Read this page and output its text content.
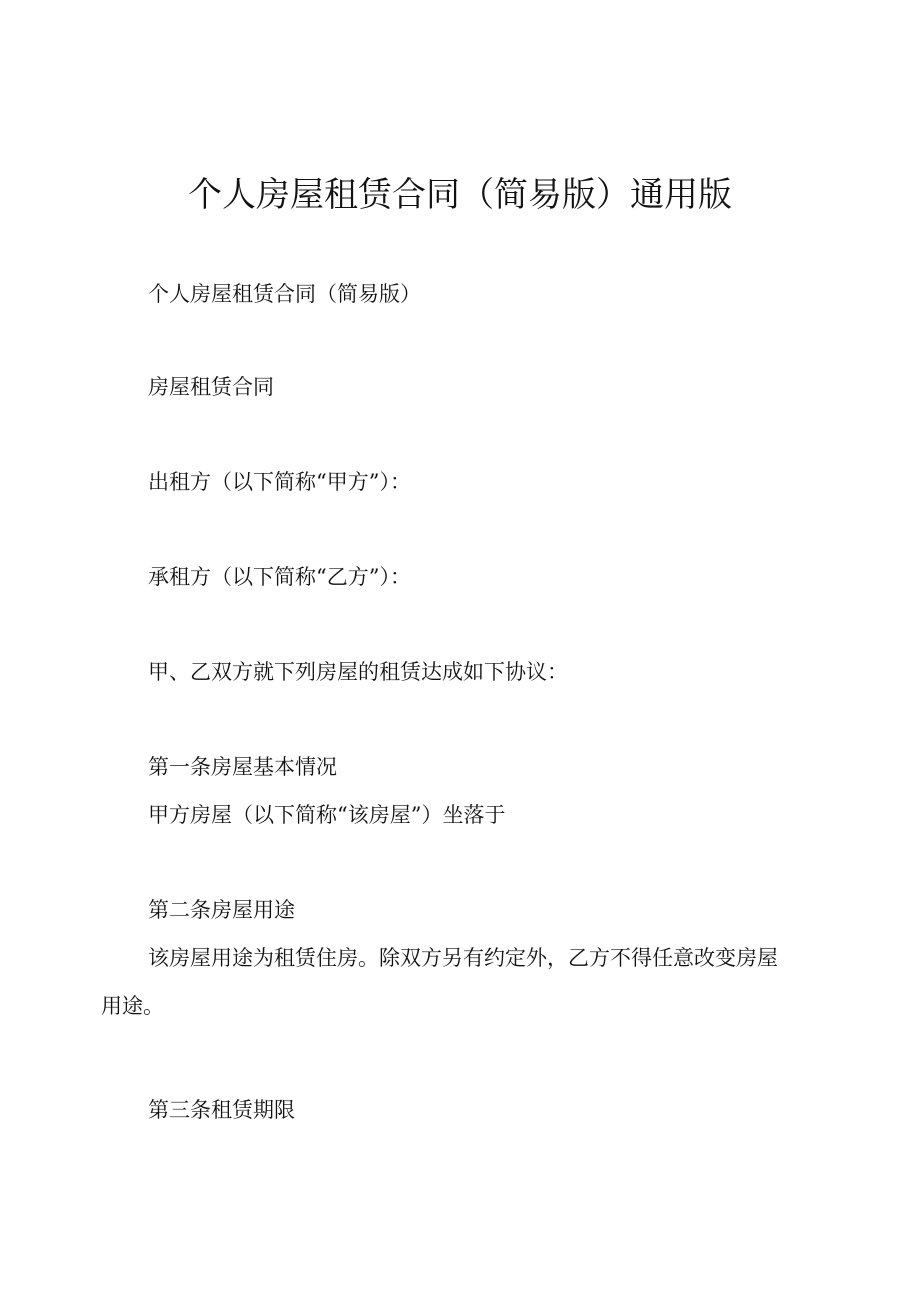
个人房屋租赁合同（简易版）通用版
个人房屋租赁合同（简易版）
房屋租赁合同
出租方（以下简称“甲方”）：
承租方（以下简称“乙方”）：
甲、乙双方就下列房屋的租赁达成如下协议：
第一条房屋基本情况
甲方房屋（以下简称“该房屋”）坐落于
第二条房屋用途
该房屋用途为租赁住房。除双方另有约定外，乙方不得任意改变房屋
用途。
第三条租赁期限
